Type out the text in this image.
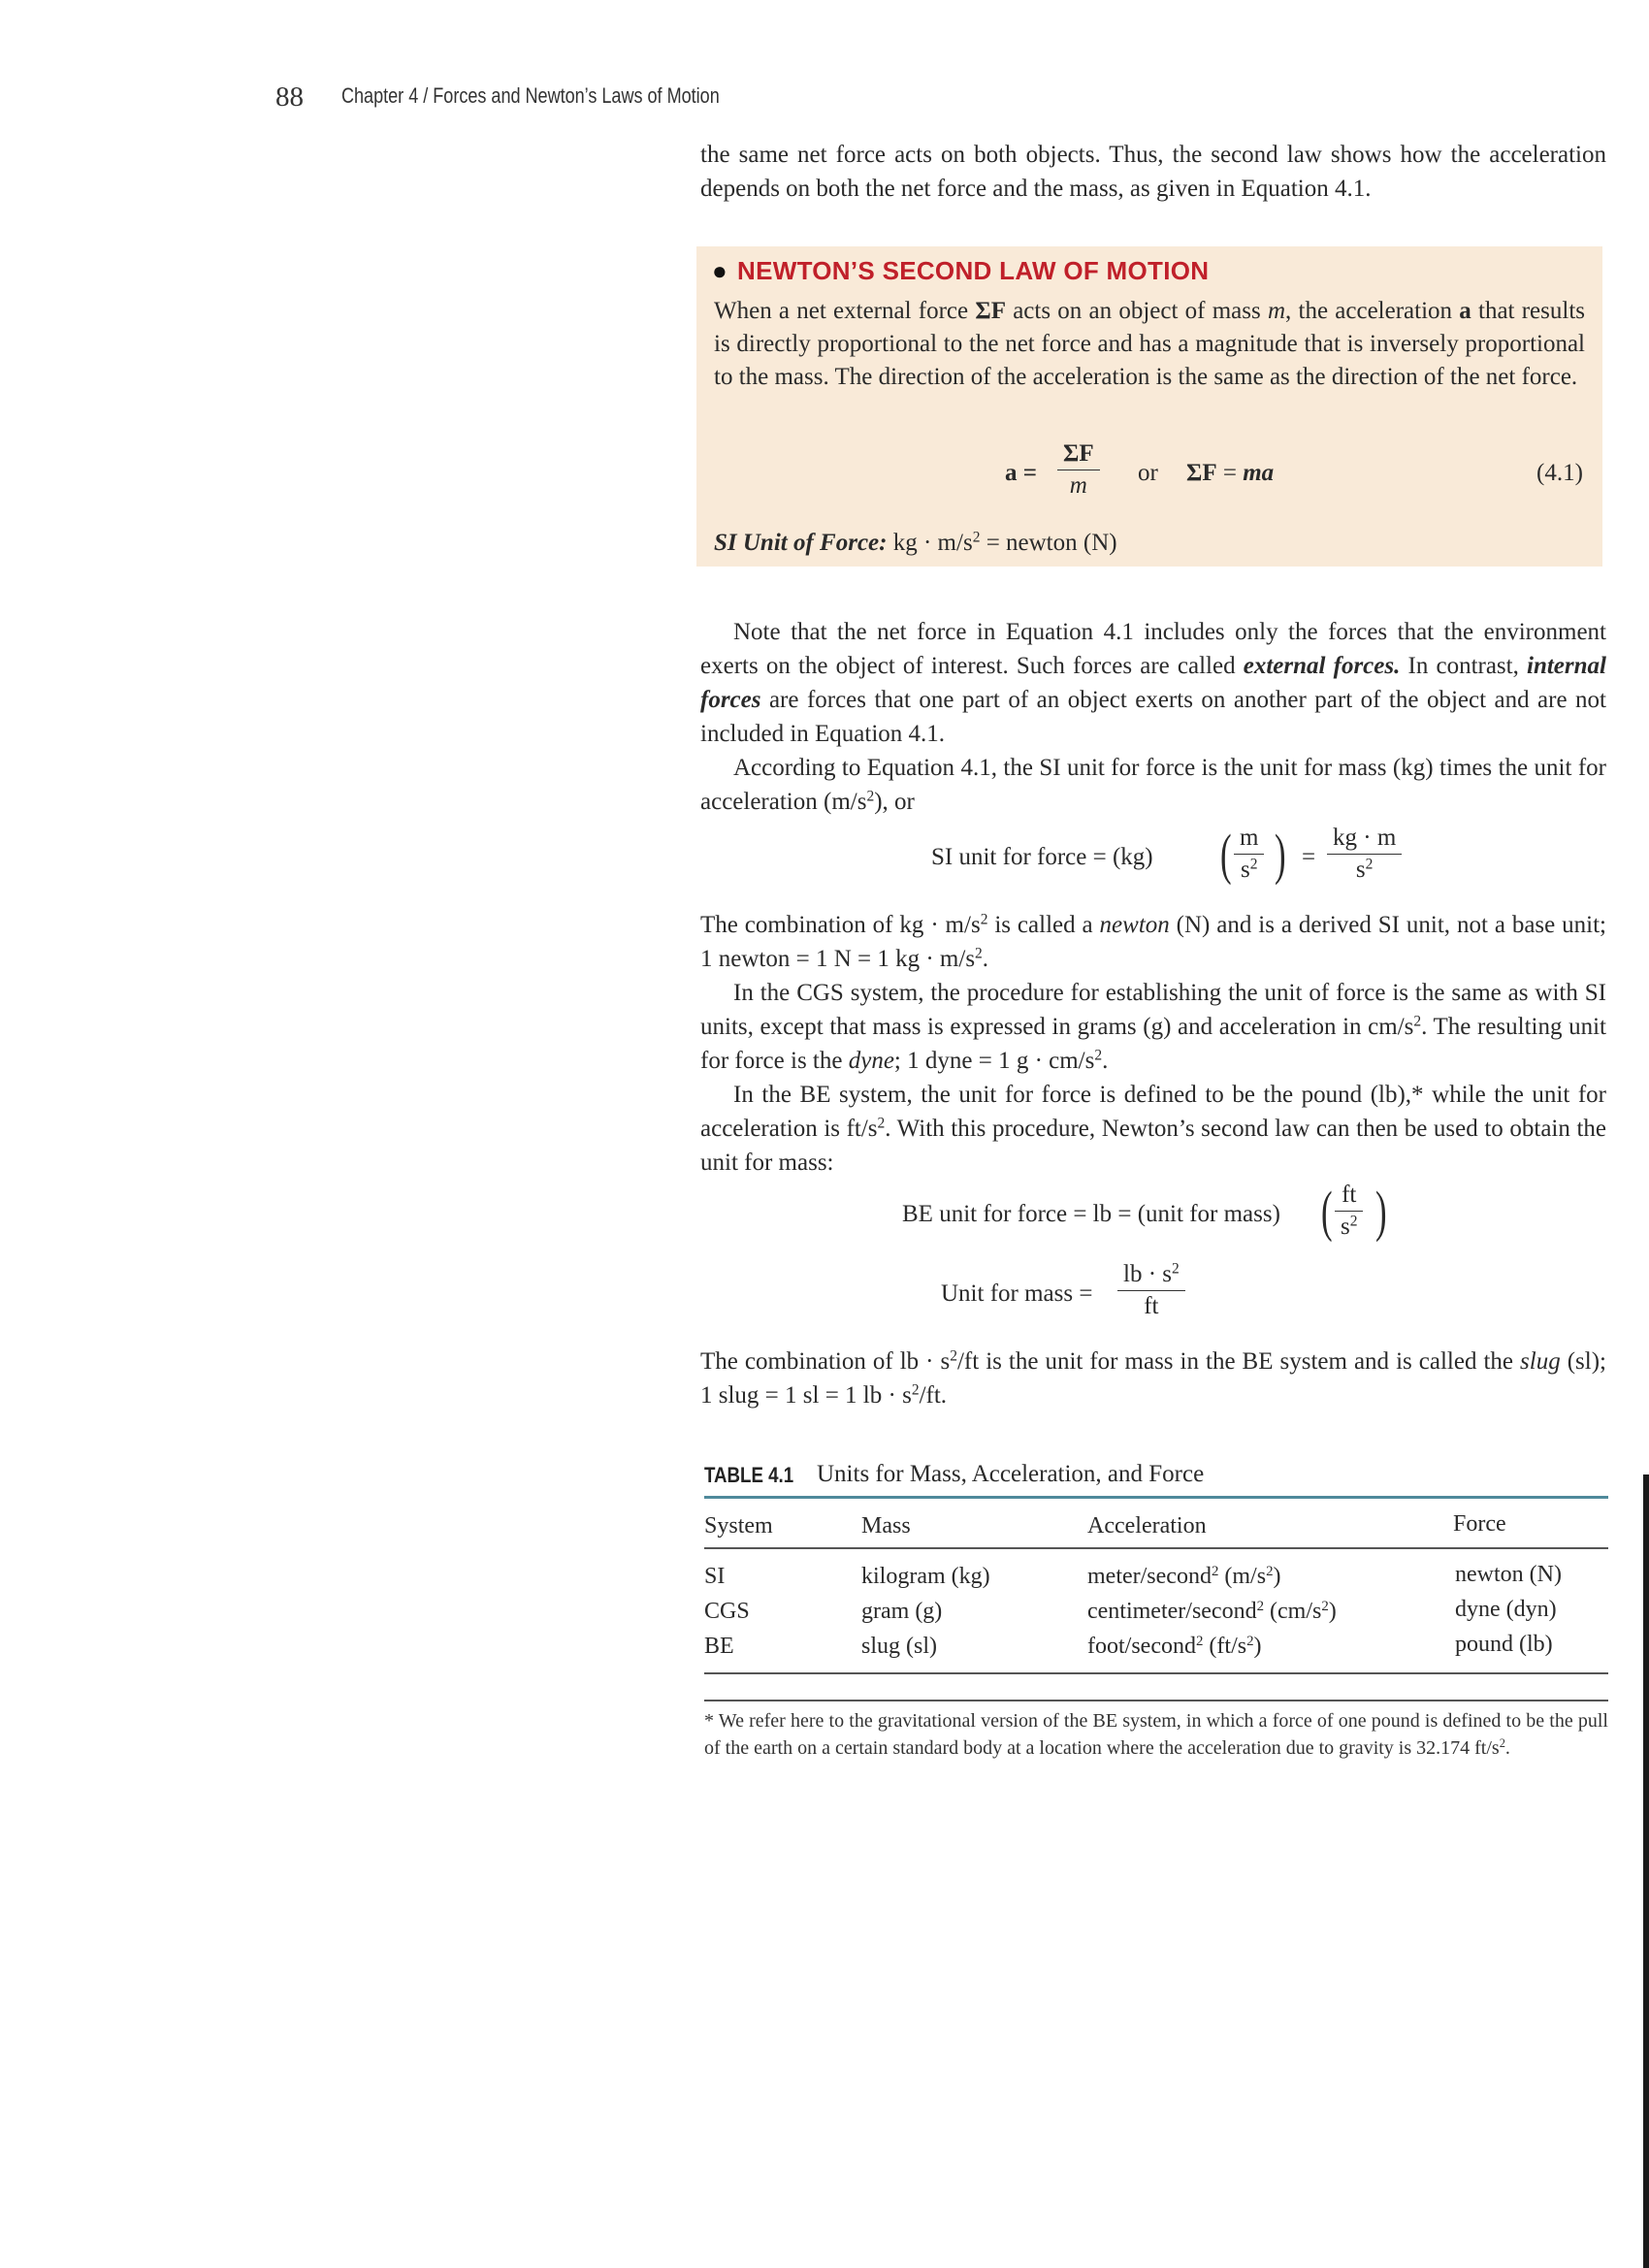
88 Chapter 4 / Forces and Newton’s Laws of Motion

the same net force acts on both objects. Thus, the second law shows how the acceleration depends on both the net force and the mass, as given in Equation 4.1.

● NEWTON’S SECOND LAW OF MOTION
When a net external force ΣF acts on an object of mass m, the acceleration a that results is directly proportional to the net force and has a magnitude that is inversely proportional to the mass. The direction of the acceleration is the same as the direction of the net force.
$a = \frac{\Sigma F}{m}$ or ΣF = ma	(4.1)
SI Unit of Force: kg · $m/s^2$ = newton (N)

Note that the net force in Equation 4.1 includes only the forces that the environment exerts on the object of interest. Such forces are called external forces. In contrast, internal forces are forces that one part of an object exerts on another part of the object and are not included in Equation 4.1.

According to Equation 4.1, the SI unit for force is the unit for mass (kg) times the unit for acceleration $(m/s^2)$, or

SI unit for force = (kg) ( $\frac{m}{s^2}$ ) = $\frac{kg \cdot m}{s^2}$

The combination of kg · $m/s^2$ is called a newton (N) and is a derived SI unit, not a base unit; 1 newton = 1 N = 1 kg · $m/s^2$.

In the CGS system, the procedure for establishing the unit of force is the same as with SI units, except that mass is expressed in grams (g) and acceleration in $cm/s^2$. The resulting unit for force is the dyne; 1 dyne = 1 $g \cdot cm/s^2$.

In the BE system, the unit for force is defined to be the pound (lb),* while the unit for acceleration is $ft/s^2$. With this procedure, Newton’s second law can then be used to obtain the unit for mass:

BE unit for force = lb = (unit for mass) ( $\frac{ft}{s^2}$ )
Unit for mass = $\frac{lb \cdot s^2}{ft}$

The combination of lb · $s^2/ft$ is the unit for mass in the BE system and is called the slug (sl); 1 slug = 1 sl = 1 lb · $s^2/ft$.

TABLE 4.1 Units for Mass, Acceleration, and Force
System	Mass	Acceleration	Force
SI	kilogram (kg)	meter/second$^2$ $(m/s^2)$	newton (N)
CGS	gram (g)	centimeter/second$^2$ $(cm/s^2)$	dyne (dyn)
BE	slug (sl)	foot/second$^2$ $(ft/s^2)$	pound (lb)
* We refer here to the gravitational version of the BE system, in which a force of one pound is defined to be the pull of the earth on a certain standard body at a location where the acceleration due to gravity is 32.174 $ft/s^2$.
